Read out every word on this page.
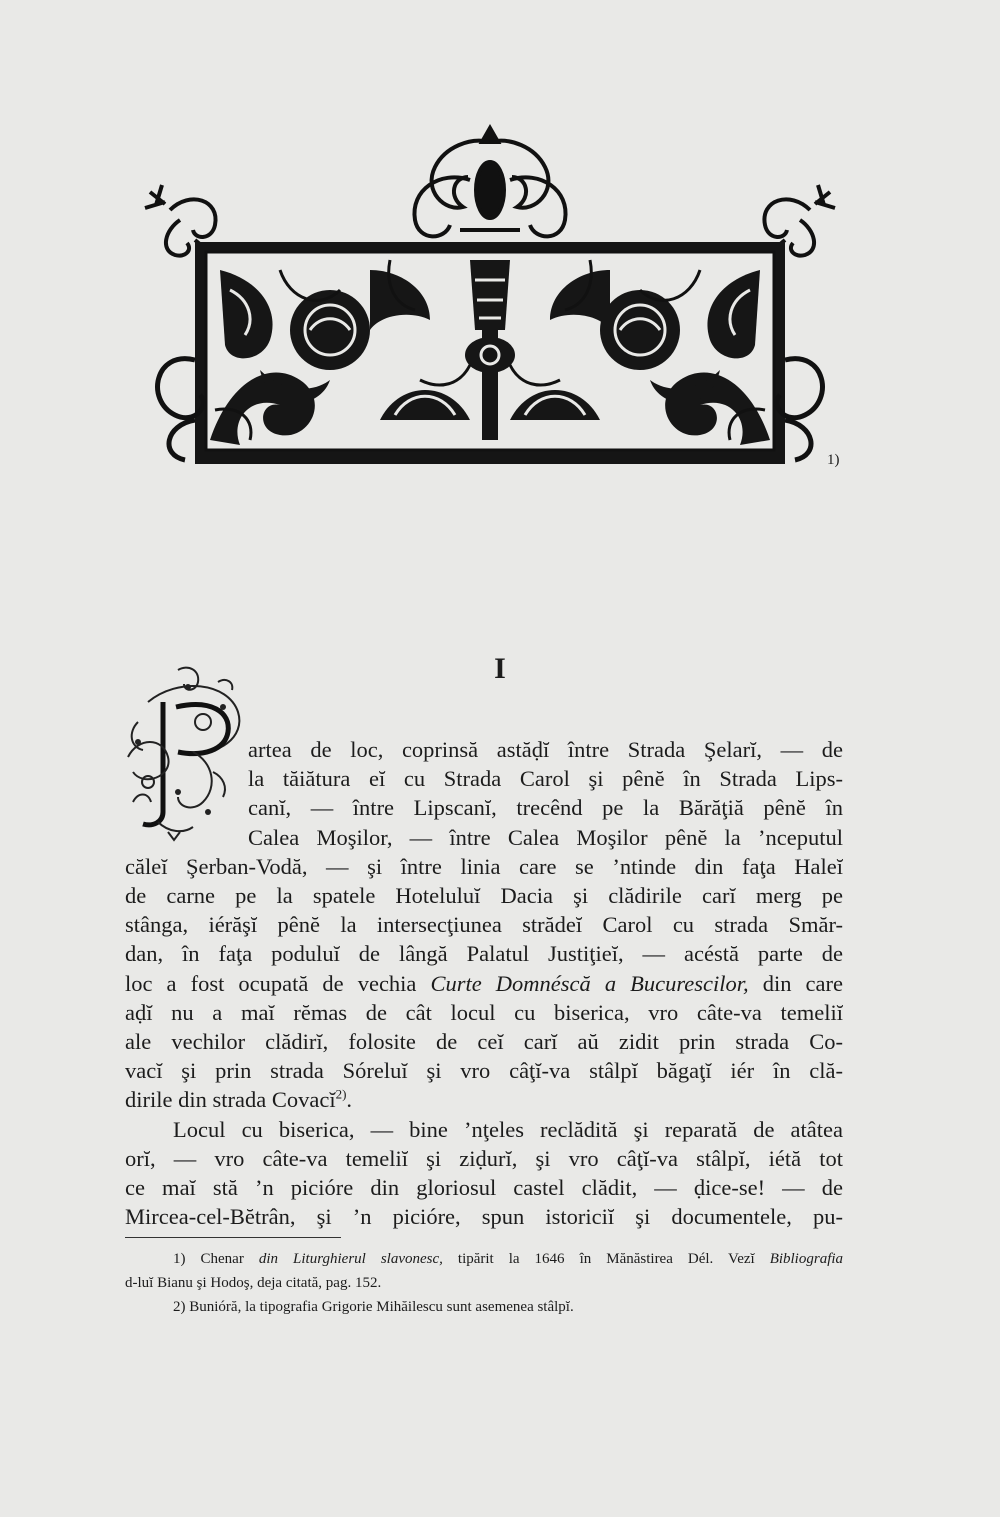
1)
I
artea de loc, coprinsă astăḍĭ între Strada Şelarĭ, — de
la tăiătura eĭ cu Strada Carol şi pênĕ în Strada Lips-
canĭ, — între Lipscanĭ, trecênd pe la Bărăţiă pênĕ în
Calea Moşilor, — între Calea Moşilor pênĕ la ’nceputul
căleĭ Şerban-Vodă, — şi între linia care se ’ntinde din faţa Haleĭ
de carne pe la spatele Hoteluluĭ Dacia şi clădirile carĭ merg pe
stânga, iérăşĭ pênĕ la intersecţiunea strădeĭ Carol cu strada Smăr-
dan, în faţa poduluĭ de lângă Palatul Justiţieĭ, — acéstă parte de
loc a fost ocupată de vechia Curte Domnéscă a Bucurescilor, din care
aḍĭ nu a maĭ rĕmas de cât locul cu biserica, vro câte-va temeliĭ
ale vechilor clădirĭ, folosite de ceĭ carĭ aŭ zidit prin strada Co-
vacĭ şi prin strada Sóreluĭ şi vro câţĭ-va stâlpĭ băgaţĭ iér în clă-
dirile din strada Covacĭ$^{2)}$.
Locul cu biserica, — bine ’nţeles reclădită şi reparată de atâtea
orĭ, — vro câte-va temeliĭ şi ziḍurĭ, şi vro câţĭ-va stâlpĭ, iétă tot
ce maĭ stă ’n picióre din gloriosul castel clădit, — ḍice-se! — de
Mircea-cel-Bĕtrân, şi ’n picióre, spun istoriciĭ şi documentele, pu-
1) Chenar din Liturghierul slavonesc, tipărit la 1646 în Mănăstirea Dél. Vezĭ Bibliografia
d-luĭ Bianu şi Hodoş, deja citată, pag. 152.
2) Bunióră, la tipografia Grigorie Mihăilescu sunt asemenea stâlpĭ.
